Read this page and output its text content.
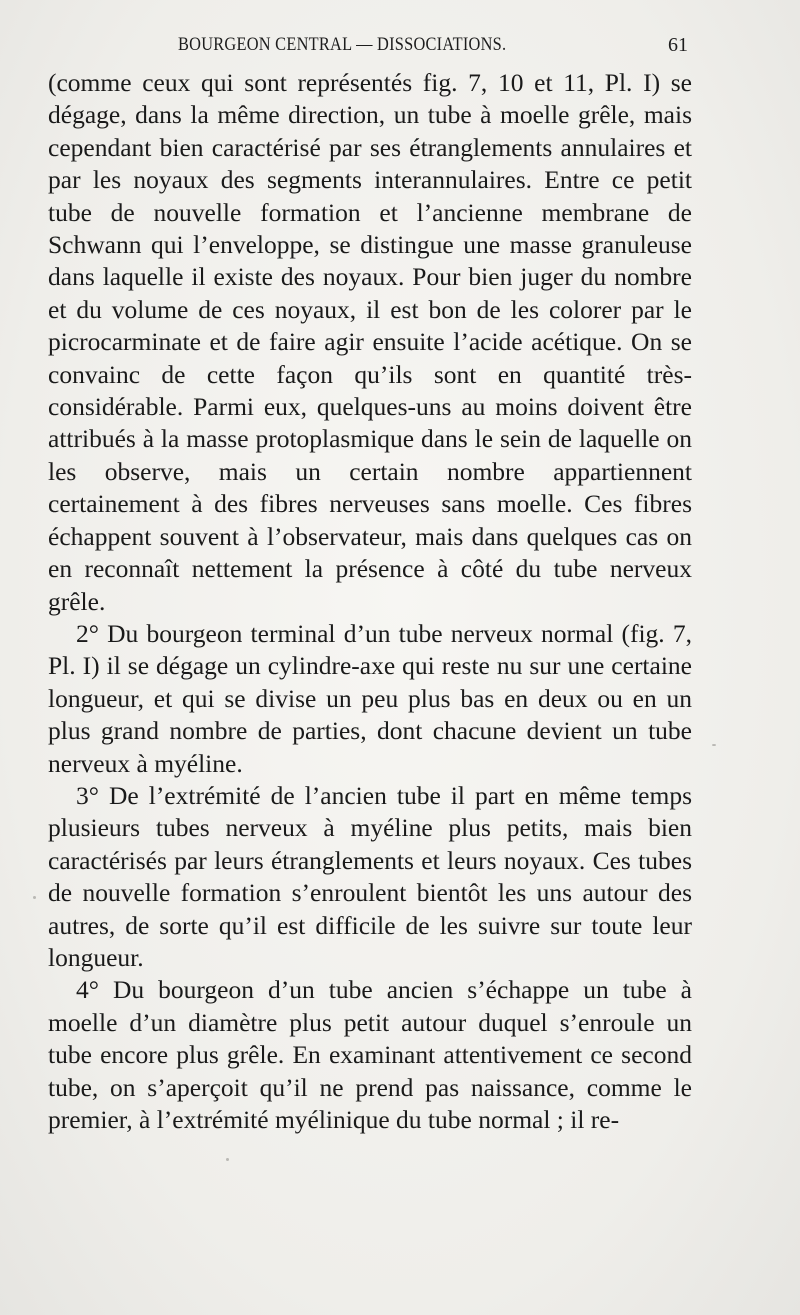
BOURGEON CENTRAL — DISSOCIATIONS.	61

(comme ceux qui sont représentés fig. 7, 10 et 11, Pl. I) se dégage, dans la même direction, un tube à moelle grêle, mais cependant bien caractérisé par ses étranglements annulaires et par les noyaux des segments interannulaires. Entre ce petit tube de nouvelle formation et l’ancienne membrane de Schwann qui l’enveloppe, se distingue une masse granuleuse dans laquelle il existe des noyaux. Pour bien juger du nombre et du volume de ces noyaux, il est bon de les colorer par le picrocarminate et de faire agir ensuite l’acide acétique. On se convainc de cette façon qu’ils sont en quantité très-considérable. Parmi eux, quelques-uns au moins doivent être attribués à la masse protoplasmique dans le sein de laquelle on les observe, mais un certain nombre appartiennent certainement à des fibres nerveuses sans moelle. Ces fibres échappent souvent à l’observateur, mais dans quelques cas on en reconnaît nettement la présence à côté du tube nerveux grêle.

2° Du bourgeon terminal d’un tube nerveux normal (fig. 7, Pl. I) il se dégage un cylindre-axe qui reste nu sur une certaine longueur, et qui se divise un peu plus bas en deux ou en un plus grand nombre de parties, dont chacune devient un tube nerveux à myéline.

3° De l’extrémité de l’ancien tube il part en même temps plusieurs tubes nerveux à myéline plus petits, mais bien caractérisés par leurs étranglements et leurs noyaux. Ces tubes de nouvelle formation s’enroulent bientôt les uns autour des autres, de sorte qu’il est difficile de les suivre sur toute leur longueur.

4° Du bourgeon d’un tube ancien s’échappe un tube à moelle d’un diamètre plus petit autour duquel s’enroule un tube encore plus grêle. En examinant attentivement ce second tube, on s’aperçoit qu’il ne prend pas naissance, comme le premier, à l’extrémité myélinique du tube normal ; il re-
